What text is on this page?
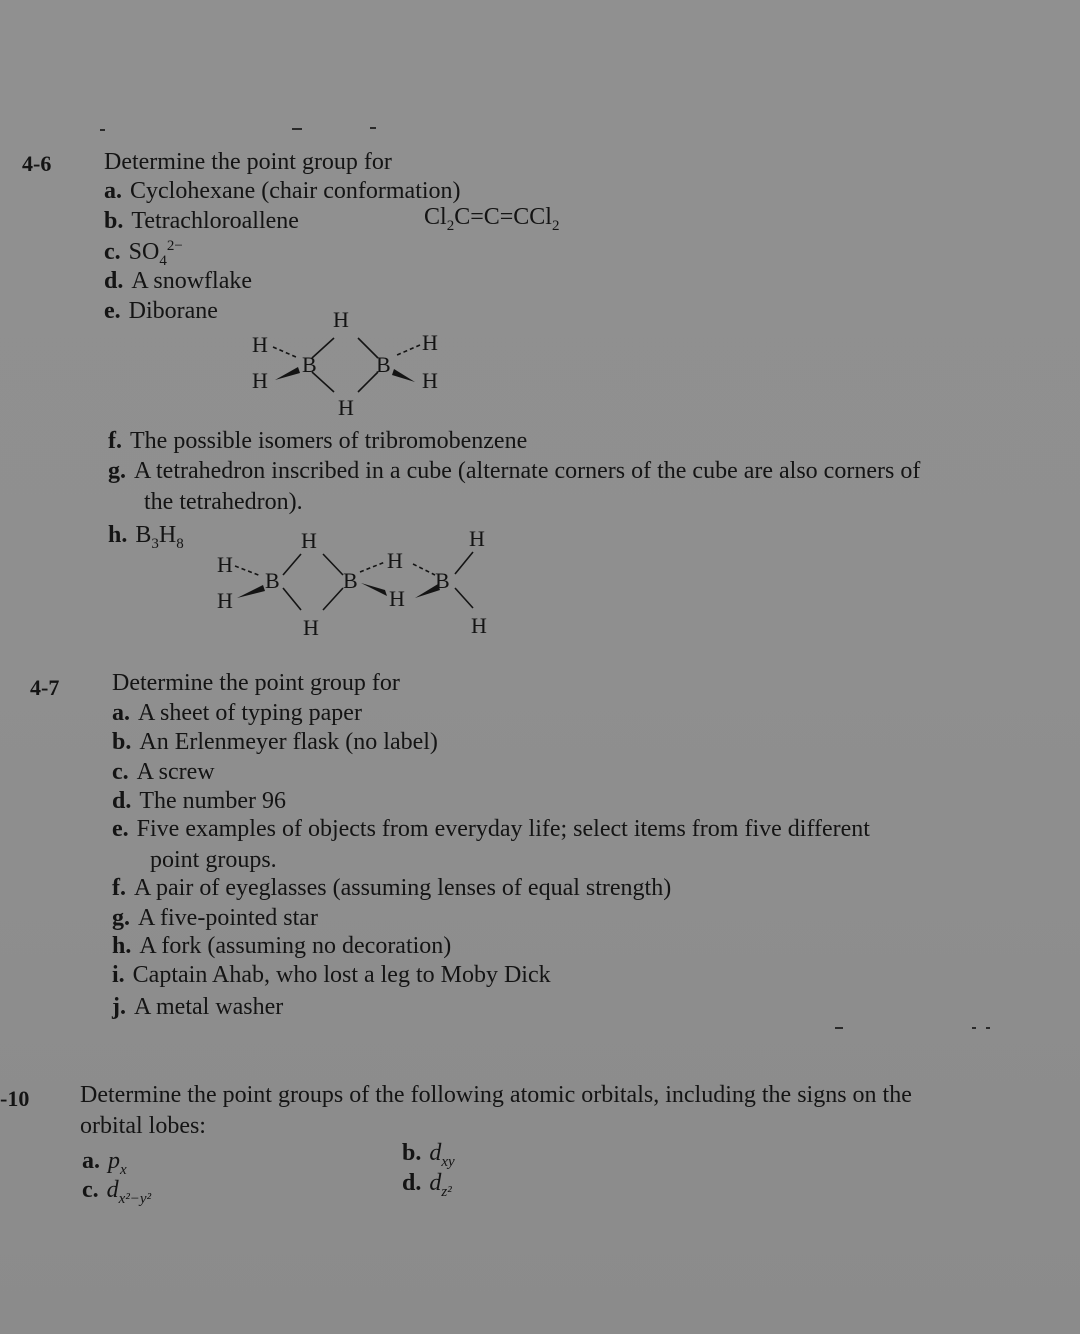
4-6 Determine the point group for
a. Cyclohexane (chair conformation)
b. Tetrachloroallene	$Cl_2C=C=CCl_2$
c. $SO_4^{2-}$
d. A snowflake
e. Diborane	H
H
H
B	B
H
H
H
f. The possible isomers of tribromobenzene
g. A tetrahedron inscribed in a cube (alternate corners of the cube are also corners of
the tetrahedron).
h. $B_3H_8$	H
H
H
B	B
H
H
B
H
H
H
4-7 Determine the point group for
a. A sheet of typing paper
b. An Erlenmeyer flask (no label)
c. A screw
d. The number 96
e. Five examples of objects from everyday life; select items from five different
point groups.
f. A pair of eyeglasses (assuming lenses of equal strength)
g. A five-pointed star
h. A fork (assuming no decoration)
i. Captain Ahab, who lost a leg to Moby Dick
j. A metal washer
-10 Determine the point groups of the following atomic orbitals, including the signs on the
orbital lobes:
a. $p_x$
b. $d_{xy}$
c. $d_{x^2-y^2}$
d. $d_{z^2}$
